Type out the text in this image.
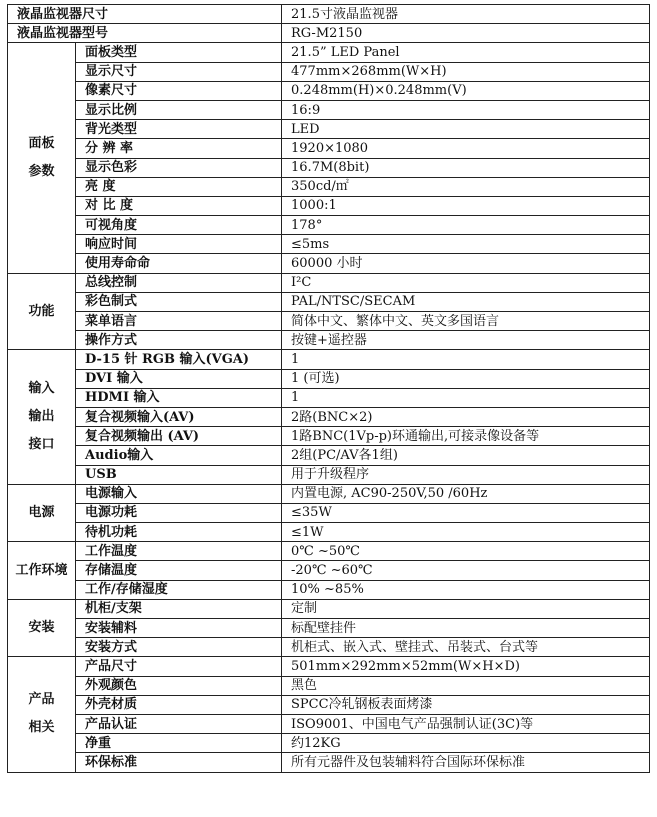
液晶监视器尺寸		21.5寸液晶监视器
液晶监视器型号		RG-M2150

面板
参数	面板类型	21.5” LED Panel
	显示尺寸	477mm×268mm(W×H)
	像素尺寸	0.248mm(H)×0.248mm(V)
	显示比例	16:9
	背光类型	LED
	分 辨 率	1920×1080
	显示色彩	16.7M(8bit)
	亮 度	350cd/㎡
	对 比 度	1000:1
	可视角度	178°
	响应时间	≤5ms
	使用寿命命	60000 小时

功能	总线控制	I²C
	彩色制式	PAL/NTSC/SECAM
	菜单语言	简体中文、繁体中文、英文多国语言
	操作方式	按键+遥控器

输入
输出
接口	D-15 针 RGB 输入(VGA)	1
	DVI 输入	1 (可选)
	HDMI 输入	1
	复合视频输入(AV)	2路(BNC×2)
	复合视频输出 (AV)	1路BNC(1Vp-p)环通输出,可接录像设备等
	Audio输入	2组(PC/AV各1组)
	USB	用于升级程序

电源	电源输入	内置电源, AC90-250V,50 /60Hz
	电源功耗	≤35W
	待机功耗	≤1W

工作环境	工作温度	0℃ ~50℃
	存储温度	-20℃ ~60℃
	工作/存储湿度	10% ~85%

安装	机柜/支架	定制
	安装辅料	标配壁挂件
	安装方式	机柜式、嵌入式、壁挂式、吊装式、台式等

产品
相关	产品尺寸	501mm×292mm×52mm(W×H×D)
	外观颜色	黑色
	外壳材质	SPCC冷轧钢板表面烤漆
	产品认证	ISO9001、中国电气产品强制认证(3C)等
	净重	约12KG
	环保标准	所有元器件及包装辅料符合国际环保标准
